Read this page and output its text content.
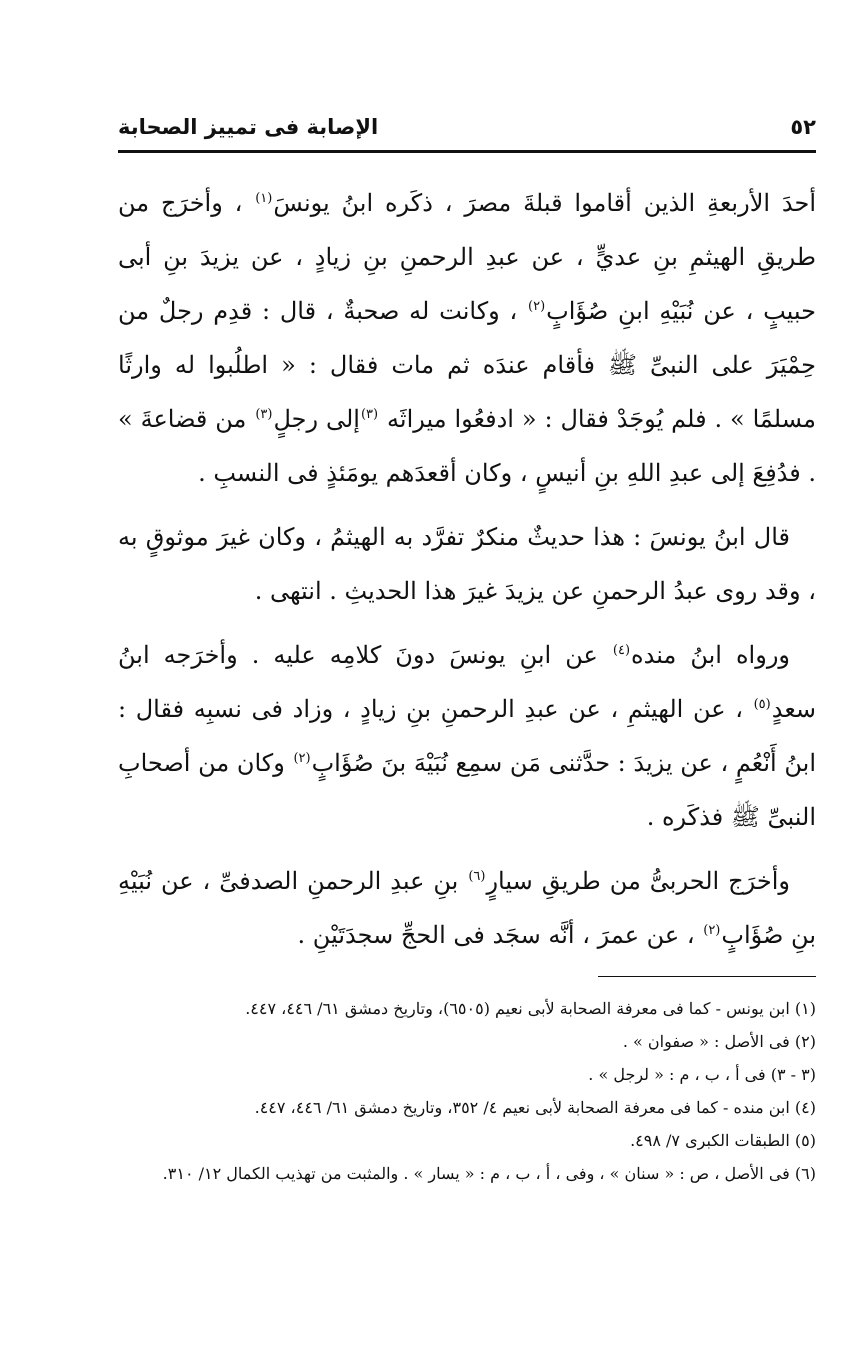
٥٢
الإصابة فى تمييز الصحابة

أحدَ الأربعةِ الذين أقاموا قبلةَ مصرَ ، ذكَره ابنُ يونسَ$^{(١)}$ ، وأخرَج من طريقِ الهيثمِ بنِ عديٍّ ، عن عبدِ الرحمنِ بنِ زيادٍ ، عن يزيدَ بنِ أبى حبيبٍ ، عن نُبَيْهِ ابنِ صُؤَابٍ$^{(٢)}$ ، وكانت له صحبةٌ ، قال : قدِم رجلٌ من حِمْيَرَ على النبىِّ ﷺ فأقام عندَه ثم مات فقال : « اطلُبوا له وارثًا مسلمًا » . فلم يُوجَدْ فقال : « ادفعُوا ميراثَه $^{(٣)}$إلى رجلٍ$^{(٣)}$ من قضاعةَ » . فدُفِعَ إلى عبدِ اللهِ بنِ أنيسٍ ، وكان أقعدَهم يومَئذٍ فى النسبِ .

قال ابنُ يونسَ : هذا حديثٌ منكرٌ تفرَّد به الهيثمُ ، وكان غيرَ موثوقٍ به ، وقد روى عبدُ الرحمنِ عن يزيدَ غيرَ هذا الحديثِ . انتهى .

ورواه ابنُ منده$^{(٤)}$ عن ابنِ يونسَ دونَ كلامِه عليه . وأخرَجه ابنُ سعدٍ$^{(٥)}$ ، عن الهيثمِ ، عن عبدِ الرحمنِ بنِ زيادٍ ، وزاد فى نسبِه فقال : ابنُ أَنْعُمٍ ، عن يزيدَ : حدَّثنى مَن سمِع نُبَيْهَ بنَ صُؤَابٍ$^{(٢)}$ وكان من أصحابِ النبىِّ ﷺ فذكَره .

وأخرَج الحربىُّ من طريقِ سيارٍ$^{(٦)}$ بنِ عبدِ الرحمنِ الصدفىِّ ، عن نُبَيْهِ بنِ صُؤَابٍ$^{(٢)}$ ، عن عمرَ ، أنَّه سجَد فى الحجِّ سجدَتَيْنِ .

(١) ابن يونس - كما فى معرفة الصحابة لأبى نعيم (٦٥٠٥)، وتاريخ دمشق ٦١/ ٤٤٦، ٤٤٧.

(٢) فى الأصل : « صفوان » .

(٣ - ٣) فى أ ، ب ، م : « لرجل » .

(٤) ابن منده - كما فى معرفة الصحابة لأبى نعيم ٤/ ٣٥٢، وتاريخ دمشق ٦١/ ٤٤٦، ٤٤٧.

(٥) الطبقات الكبرى ٧/ ٤٩٨.

(٦) فى الأصل ، ص : « سنان » ، وفى ، أ ، ب ، م : « يسار » . والمثبت من تهذيب الكمال ١٢/ ٣١٠.
